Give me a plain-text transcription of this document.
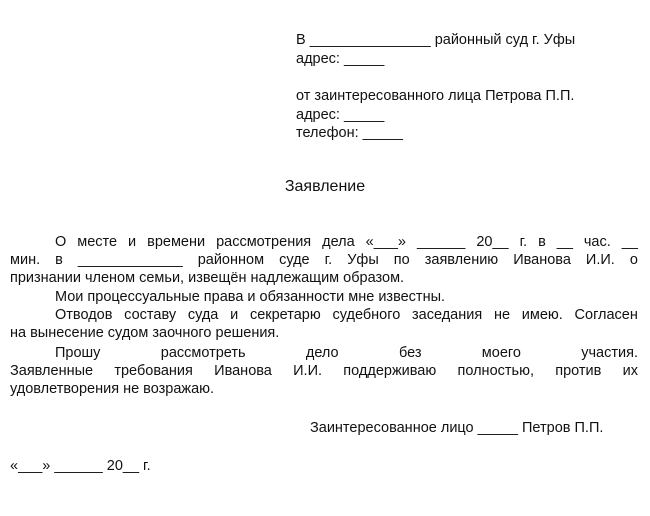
В _______________ районный суд г. Уфы
адрес: _____
от заинтересованного лица Петрова П.П.
адрес: _____
телефон: _____
Заявление
О месте и времени рассмотрения дела «___» ______ 20__ г. в __ час. __
мин. в _____________ районном суде г. Уфы по заявлению Иванова И.И. о
признании членом семьи, извещён надлежащим образом.
Мои процессуальные права и обязанности мне известны.
Отводов составу суда и секретарю судебного заседания не имею. Согласен
на вынесение судом заочного решения.
Прошу	рассмотреть	дело	без	моего	участия.
Заявленные требования Иванова И.И. поддерживаю полностью, против их
удовлетворения не возражаю.
Заинтересованное лицо _____ Петров П.П.
«___» ______ 20__ г.
